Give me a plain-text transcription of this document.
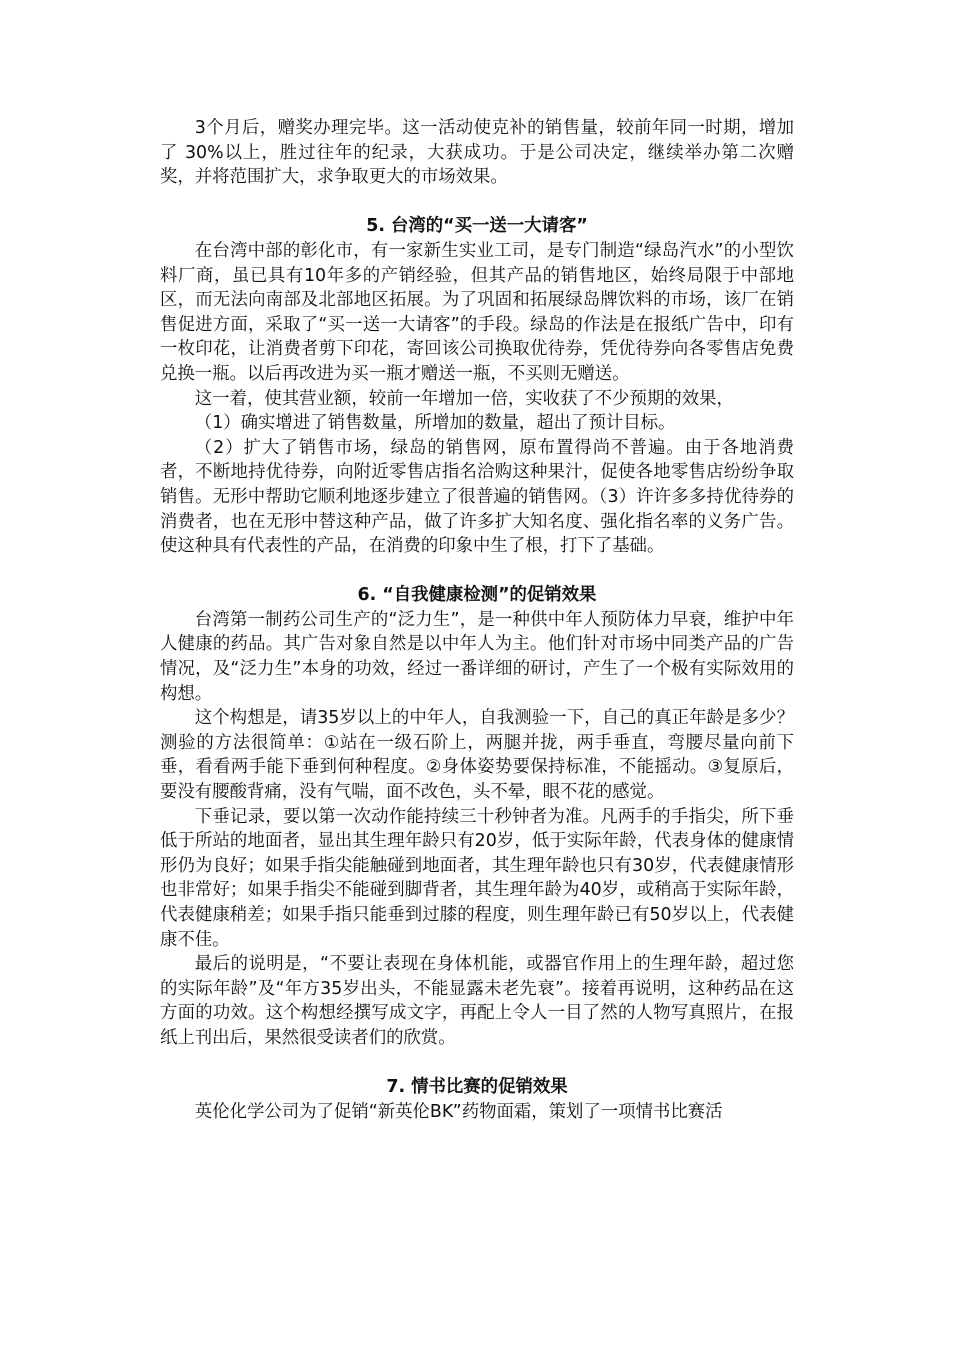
3个月后，赠奖办理完毕。这一活动使克补的销售量，较前年同一时期，增加了 30%以上，胜过往年的纪录，大获成功。于是公司决定，继续举办第二次赠奖，并将范围扩大，求争取更大的市场效果。

5. 台湾的“买一送一大请客”

在台湾中部的彰化市，有一家新生实业工司，是专门制造“绿岛汽水”的小型饮料厂商，虽已具有10年多的产销经验，但其产品的销售地区，始终局限于中部地区，而无法向南部及北部地区拓展。为了巩固和拓展绿岛牌饮料的市场，该厂在销售促进方面，采取了“买一送一大请客”的手段。绿岛的作法是在报纸广告中，印有一枚印花，让消费者剪下印花，寄回该公司换取优待券，凭优待券向各零售店免费兑换一瓶。以后再改进为买一瓶才赠送一瓶，不买则无赠送。

这一着，使其营业额，较前一年增加一倍，实收获了不少预期的效果，

（1）确实增进了销售数量，所增加的数量，超出了预计目标。

（2）扩大了销售市场，绿岛的销售网，原布置得尚不普遍。由于各地消费者，不断地持优待券，向附近零售店指名洽购这种果汁，促使各地零售店纷纷争取销售。无形中帮助它顺利地逐步建立了很普遍的销售网。（3）许许多多持优待券的消费者，也在无形中替这种产品，做了许多扩大知名度、强化指名率的义务广告。使这种具有代表性的产品，在消费的印象中生了根，打下了基础。

6. “自我健康检测”的促销效果

台湾第一制药公司生产的“泛力生”，是一种供中年人预防体力早衰，维护中年人健康的药品。其广告对象自然是以中年人为主。他们针对市场中同类产品的广告情况，及“泛力生”本身的功效，经过一番详细的研讨，产生了一个极有实际效用的构想。

这个构想是，请35岁以上的中年人，自我测验一下，自己的真正年龄是多少？测验的方法很简单：①站在一级石阶上，两腿并拢，两手垂直，弯腰尽量向前下垂，看看两手能下垂到何种程度。②身体姿势要保持标准，不能摇动。③复原后，要没有腰酸背痛，没有气喘，面不改色，头不晕，眼不花的感觉。

下垂记录，要以第一次动作能持续三十秒钟者为准。凡两手的手指尖，所下垂低于所站的地面者，显出其生理年龄只有20岁，低于实际年龄，代表身体的健康情形仍为良好；如果手指尖能触碰到地面者，其生理年龄也只有30岁，代表健康情形也非常好；如果手指尖不能碰到脚背者，其生理年龄为40岁，或稍高于实际年龄，代表健康稍差；如果手指只能垂到过膝的程度，则生理年龄已有50岁以上，代表健康不佳。

最后的说明是，“不要让表现在身体机能，或器官作用上的生理年龄，超过您的实际年龄”及“年方35岁出头，不能显露未老先衰”。接着再说明，这种药品在这方面的功效。这个构想经撰写成文字，再配上令人一目了然的人物写真照片，在报纸上刊出后，果然很受读者们的欣赏。

7. 情书比赛的促销效果

英伦化学公司为了促销“新英伦BK”药物面霜，策划了一项情书比赛活
